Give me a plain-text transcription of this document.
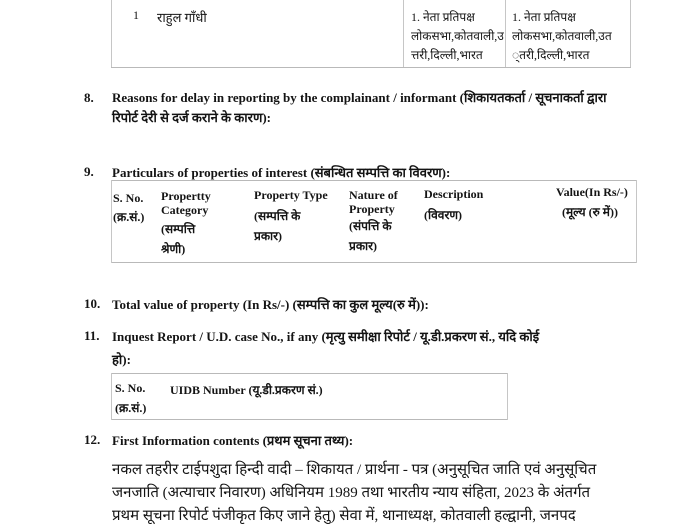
1 राहुल गाँधी	1. नेता प्रतिपक्ष
लोकसभा,कोतवाली,उ
त्तरी,दिल्ली,भारत
1. नेता प्रतिपक्ष
लोकसभा,कोतवाली,उत
्तरी,दिल्ली,भारत
8. Reasons for delay in reporting by the complainant / informant (शिकायतकर्ता / सूचनाकर्ता द्वारा
रिपोर्ट देरी से दर्ज कराने के कारण):
9. Particulars of properties of interest (संबन्धित सम्पत्ति का विवरण):
S. No.
(क्र.सं.)
Propertty
Category
(सम्पत्ति
श्रेणी)
Property Type
(सम्पत्ति के
प्रकार)
Nature of
Property
(संपत्ति के
प्रकार)
Description
(विवरण)
Value(In Rs/-)
(मूल्य (रु में))
10. Total value of property (In Rs/-) (सम्पत्ति का कुल मूल्य(रु में)):
11. Inquest Report / U.D. case No., if any (मृत्यु समीक्षा रिपोर्ट / यू.डी.प्रकरण सं., यदि कोई
हो):
S. No.
(क्र.सं.)
UIDB Number (यू.डी.प्रकरण सं.)
12. First Information contents (प्रथम सूचना तथ्य):
नकल तहरीर टाईपशुदा हिन्दी वादी – शिकायत / प्रार्थना - पत्र (अनुसूचित जाति एवं अनुसूचित
जनजाति (अत्याचार निवारण) अधिनियम 1989 तथा भारतीय न्याय संहिता, 2023 के अंतर्गत
प्रथम सूचना रिपोर्ट पंजीकृत किए जाने हेतु) सेवा में, थानाध्यक्ष, कोतवाली हल्द्वानी, जनपद
